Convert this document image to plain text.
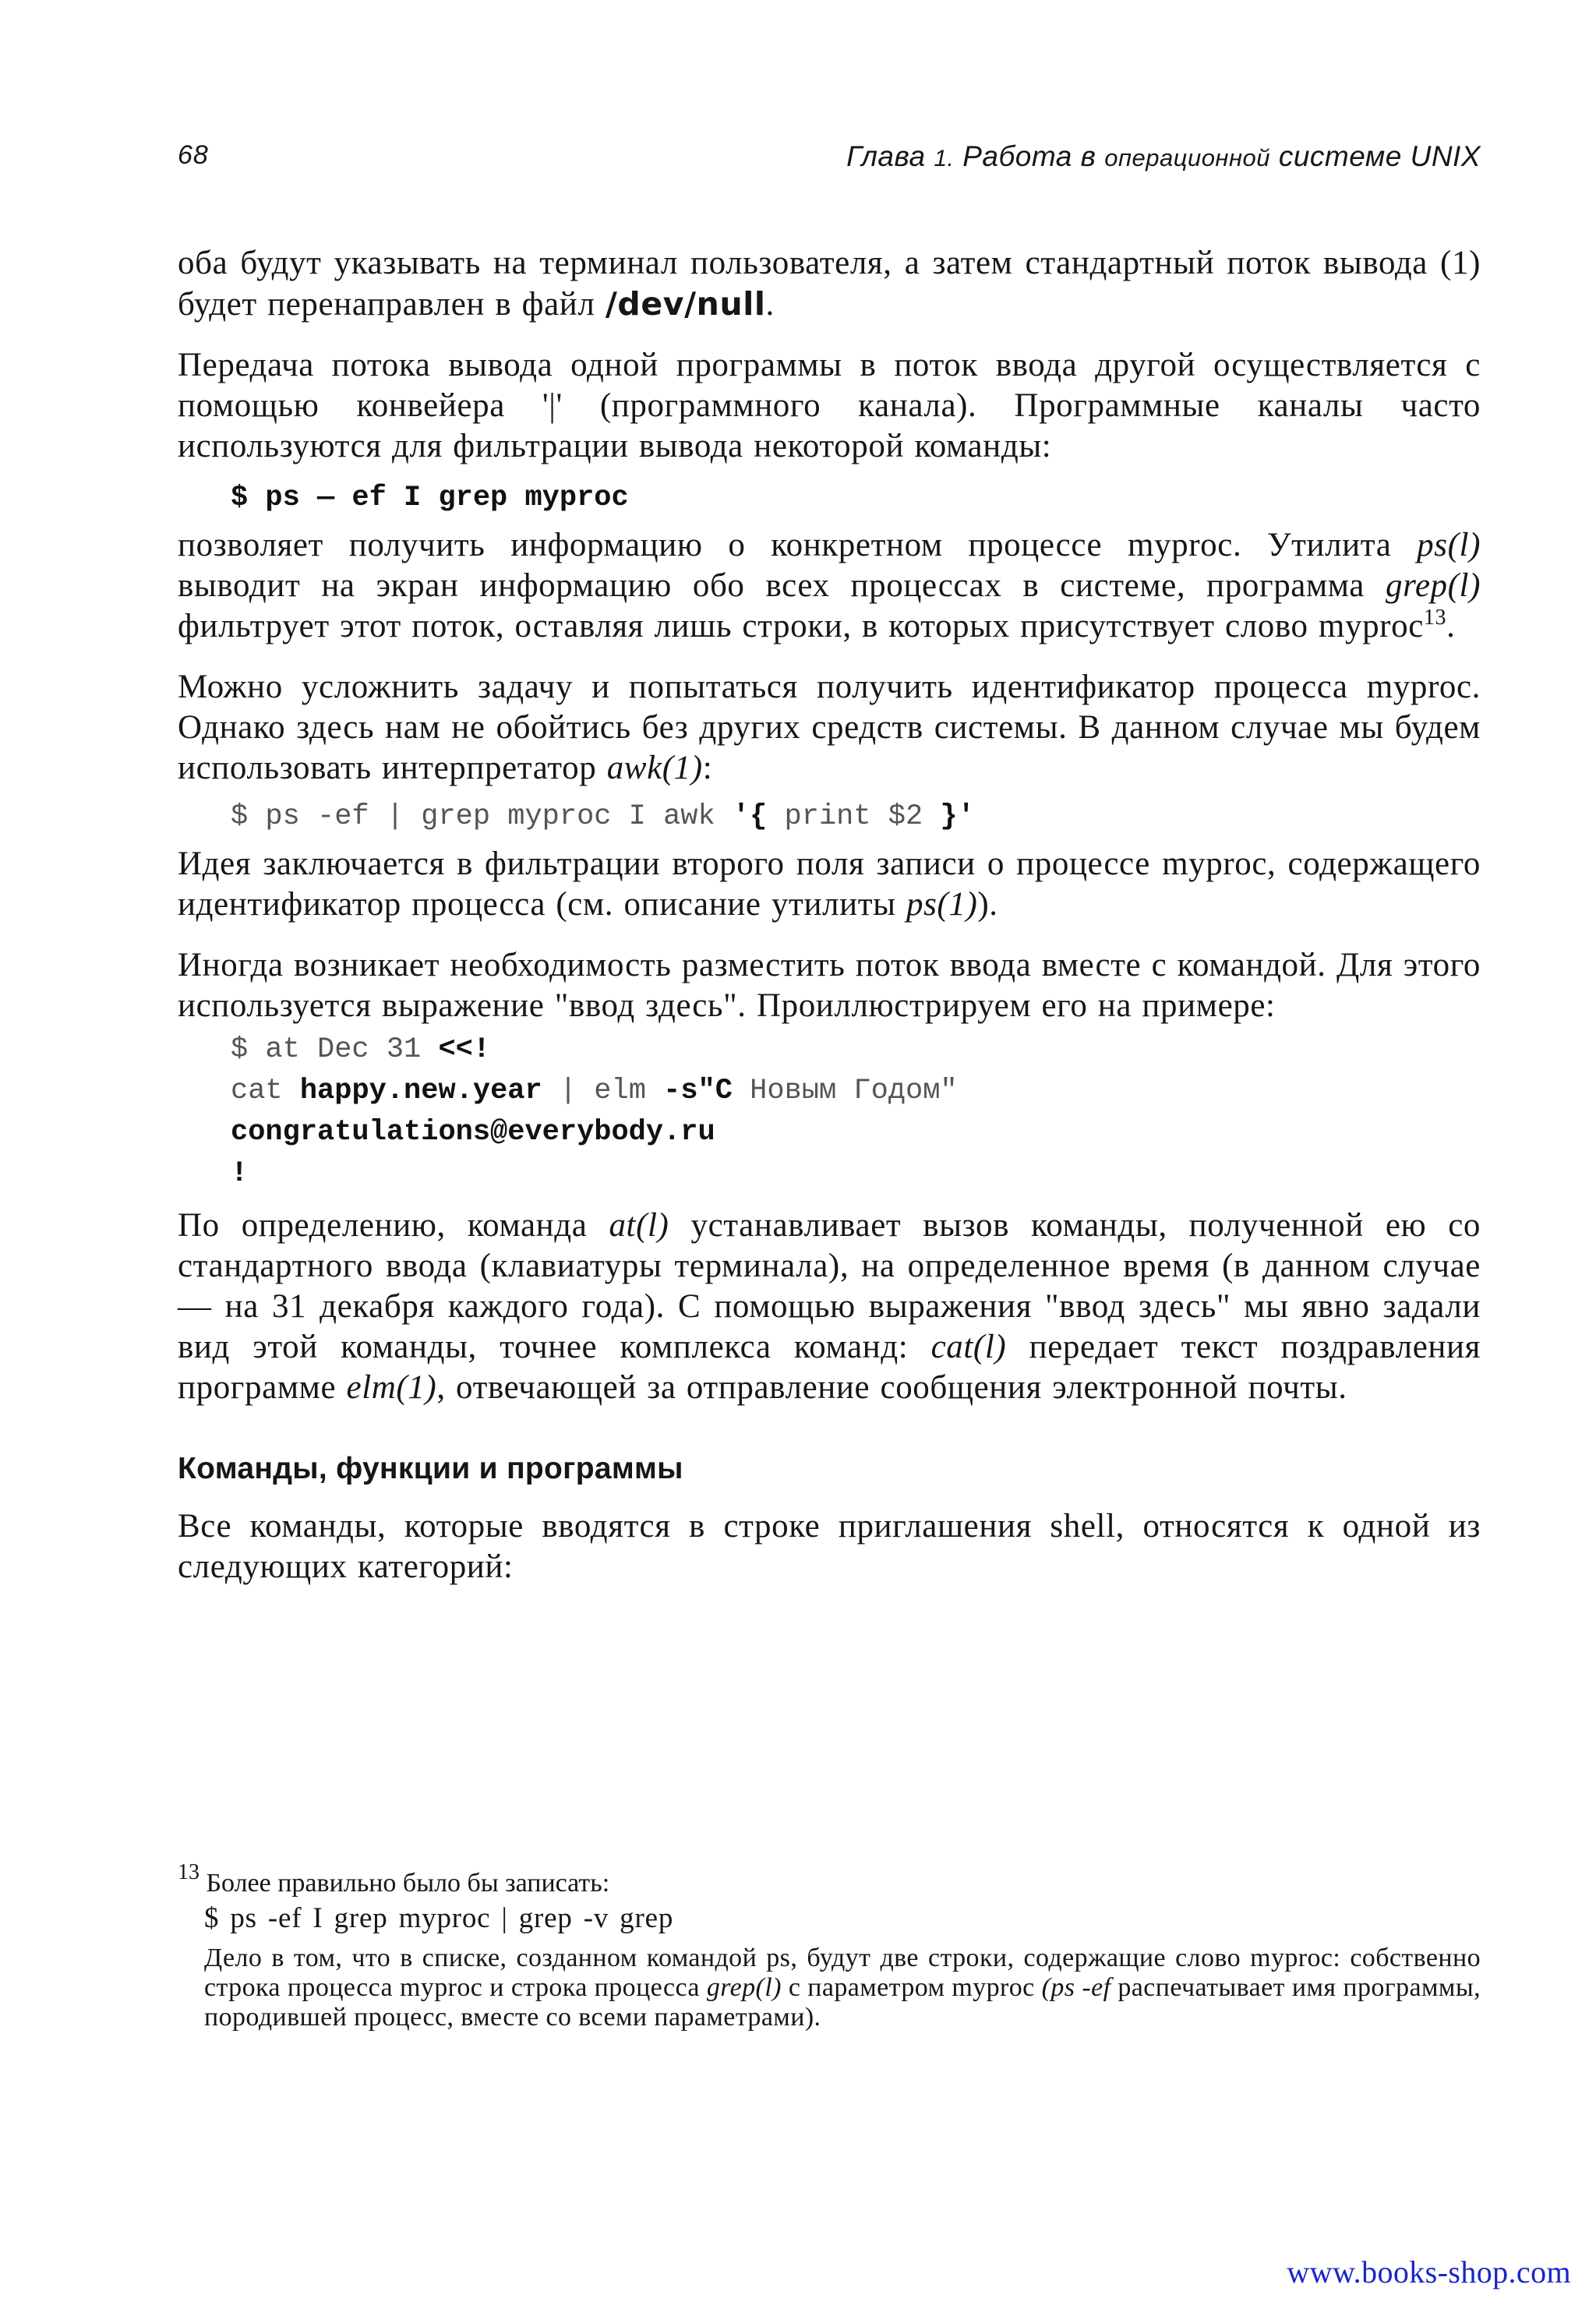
68	Глава 1. Работа в операционной системе UNIX

оба будут указывать на терминал пользователя, а затем стандартный поток вывода (1) будет перенаправлен в файл /dev/null.

Передача потока вывода одной программы в поток ввода другой осуществляется с помощью конвейера '|' (программного канала). Программные каналы часто используются для фильтрации вывода некоторой команды:

$ ps — ef I grep myproc

позволяет получить информацию о конкретном процессе myproc. Утилита ps(l) выводит на экран информацию обо всех процессах в системе, программа grep(l) фильтрует этот поток, оставляя лишь строки, в которых присутствует слово myproc$^{13}$.

Можно усложнить задачу и попытаться получить идентификатор процесса myproc. Однако здесь нам не обойтись без других средств системы. В данном случае мы будем использовать интерпретатор awk(1):

$ ps -ef | grep myproc I awk '{ print $2 }'

Идея заключается в фильтрации второго поля записи о процессе myproc, содержащего идентификатор процесса (см. описание утилиты ps(1)).

Иногда возникает необходимость разместить поток ввода вместе с командой. Для этого используется выражение "ввод здесь". Проиллюстрируем его на примере:

$ at Dec 31 <<!
cat happy.new.year | elm -s"C Новым Годом"
congratulations@everybody.ru
!

По определению, команда at(l) устанавливает вызов команды, полученной ею со стандартного ввода (клавиатуры терминала), на определенное время (в данном случае — на 31 декабря каждого года). С помощью выражения "ввод здесь" мы явно задали вид этой команды, точнее комплекса команд: cat(l) передает текст поздравления программе elm(1), отвечающей за отправление сообщения электронной почты.

Команды, функции и программы

Все команды, которые вводятся в строке приглашения shell, относятся к одной из следующих категорий:

$^{13}$ Более правильно было бы записать:
$ ps -ef I grep myproc | grep -v grep
Дело в том, что в списке, созданном командой ps, будут две строки, содержащие слово myproc: собственно строка процесса myproc и строка процесса grep(l) с параметром myproc (ps -ef распечатывает имя программы, породившей процесс, вместе со всеми параметрами).
www.books-shop.com
